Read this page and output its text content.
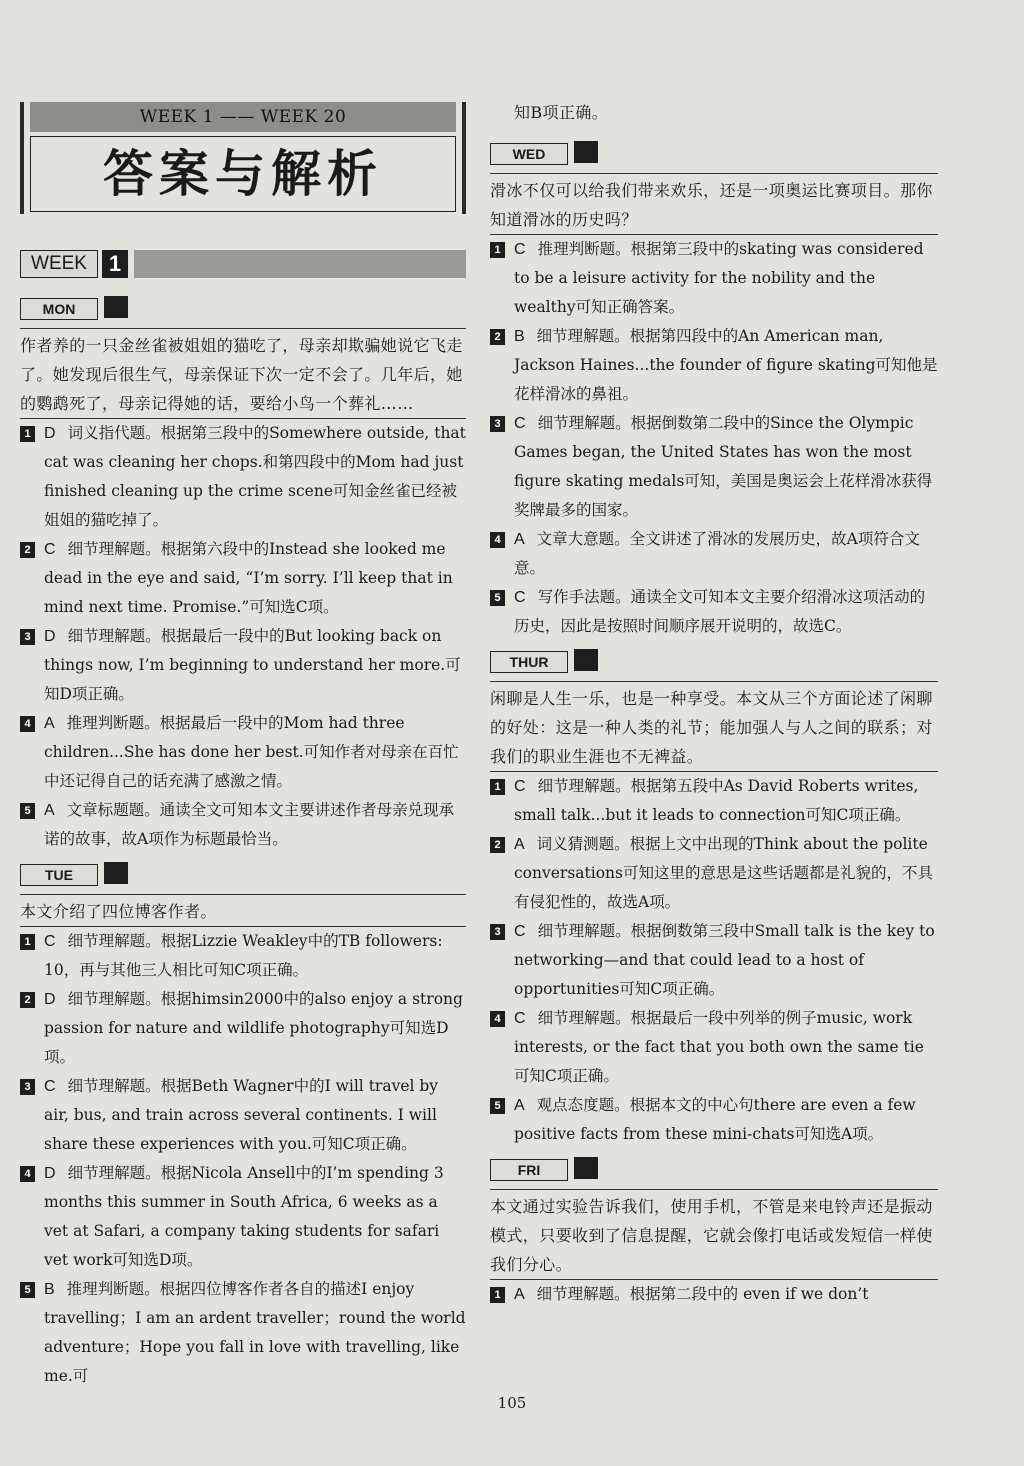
WEEK 1 —— WEEK 20
答案与解析
WEEK 1
MON
作者养的一只金丝雀被姐姐的猫吃了，母亲却欺骗她说它飞走了。她发现后很生气，母亲保证下次一定不会了。几年后，她的鹦鹉死了，母亲记得她的话，要给小鸟一个葬礼……
1 D 词义指代题。根据第三段中的Somewhere outside, that cat was cleaning her chops.和第四段中的Mom had just finished cleaning up the crime scene可知金丝雀已经被姐姐的猫吃掉了。
2 C 细节理解题。根据第六段中的Instead she looked me dead in the eye and said, “I’m sorry. I’ll keep that in mind next time. Promise.”可知选C项。
3 D 细节理解题。根据最后一段中的But looking back on things now, I’m beginning to understand her more.可知D项正确。
4 A 推理判断题。根据最后一段中的Mom had three children...She has done her best.可知作者对母亲在百忙中还记得自己的话充满了感激之情。
5 A 文章标题题。通读全文可知本文主要讲述作者母亲兑现承诺的故事，故A项作为标题最恰当。
TUE
本文介绍了四位博客作者。
1 C 细节理解题。根据Lizzie Weakley中的TB followers: 10，再与其他三人相比可知C项正确。
2 D 细节理解题。根据himsin2000中的also enjoy a strong passion for nature and wildlife photography可知选D项。
3 C 细节理解题。根据Beth Wagner中的I will travel by air, bus, and train across several continents. I will share these experiences with you.可知C项正确。
4 D 细节理解题。根据Nicola Ansell中的I’m spending 3 months this summer in South Africa, 6 weeks as a vet at Safari, a company taking students for safari vet work可知选D项。
5 B 推理判断题。根据四位博客作者各自的描述I enjoy travelling；I am an ardent traveller；round the world adventure；Hope you fall in love with travelling, like me.可
知B项正确。
WED
滑冰不仅可以给我们带来欢乐，还是一项奥运比赛项目。那你知道滑冰的历史吗？
1 C 推理判断题。根据第三段中的skating was considered to be a leisure activity for the nobility and the wealthy可知正确答案。
2 B 细节理解题。根据第四段中的An American man, Jackson Haines...the founder of figure skating可知他是花样滑冰的鼻祖。
3 C 细节理解题。根据倒数第二段中的Since the Olympic Games began, the United States has won the most figure skating medals可知，美国是奥运会上花样滑冰获得奖牌最多的国家。
4 A 文章大意题。全文讲述了滑冰的发展历史，故A项符合文意。
5 C 写作手法题。通读全文可知本文主要介绍滑冰这项活动的历史，因此是按照时间顺序展开说明的，故选C。
THUR
闲聊是人生一乐，也是一种享受。本文从三个方面论述了闲聊的好处：这是一种人类的礼节；能加强人与人之间的联系；对我们的职业生涯也不无裨益。
1 C 细节理解题。根据第五段中As David Roberts writes, small talk...but it leads to connection可知C项正确。
2 A 词义猜测题。根据上文中出现的Think about the polite conversations可知这里的意思是这些话题都是礼貌的，不具有侵犯性的，故选A项。
3 C 细节理解题。根据倒数第三段中Small talk is the key to networking—and that could lead to a host of opportunities可知C项正确。
4 C 细节理解题。根据最后一段中列举的例子music, work interests, or the fact that you both own the same tie可知C项正确。
5 A 观点态度题。根据本文的中心句there are even a few positive facts from these mini-chats可知选A项。
FRI
本文通过实验告诉我们，使用手机，不管是来电铃声还是振动模式，只要收到了信息提醒，它就会像打电话或发短信一样使我们分心。
1 A 细节理解题。根据第二段中的 even if we don’t
105
